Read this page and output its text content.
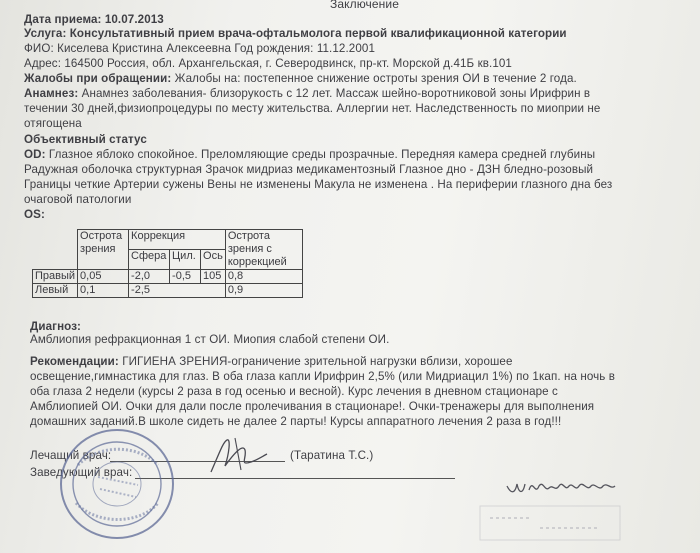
Заключение
Дата приема: 10.07.2013
Услуга: Консультативный прием врача-офтальмолога первой квалификационной категории
ФИО: Киселева Кристина Алексеевна Год рождения: 11.12.2001
Адрес: 164500 Россия, обл. Архангельская, г. Северодвинск, пр-кт. Морской д.41Б кв.101
Жалобы при обращении: Жалобы на: постепенное снижение остроты зрения ОИ в течение 2 года.
Анамнез: Анамнез заболевания- близорукость с 12 лет. Массаж шейно-воротниковой зоны Ирифрин в
течении 30 дней,физиопроцедуры по месту жительства. Аллергии нет. Наследственность по миоприи не
отягощена
Объективный статус
OD: Глазное яблоко спокойное. Преломляющие среды прозрачные. Передняя камера средней глубины
Радужная оболочка структурная Зрачок мидриаз медикаментозный Глазное дно - ДЗН бледно-розовый
Границы четкие Артерии сужены Вены не изменены Макула не изменена . На периферии глазного дна без
очаговой патологии
OS:
	Острота зрения	Коррекция			Острота зрения с коррекцией
		Сфера	Цил.	Ось	
Правый	0,05	-2,0	-0,5	105	0,8
Левый	0,1	-2,5			0,9
Диагноз:
Амблиопия рефракционная 1 ст ОИ. Миопия слабой степени ОИ.
Рекомендации: ГИГИЕНА ЗРЕНИЯ-ограничение зрительной нагрузки вблизи, хорошее
освещение,гимнастика для глаз. В оба глаза капли Ирифрин 2,5% (или Мидриацил 1%) по 1кап. на ночь в
оба глаза 2 недели (курсы 2 раза в год осенью и весной). Курс лечения в дневном стационаре с
Амблиопией ОИ. Очки для дали после пролечивания в стационаре!. Очки-тренажеры для выполнения
домашних заданий.В школе сидеть не далее 2 парты! Курсы аппаратного лечения 2 раза в год!!!
Лечащий врач:	(Таратина Т.С.)
Заведующий врач:
